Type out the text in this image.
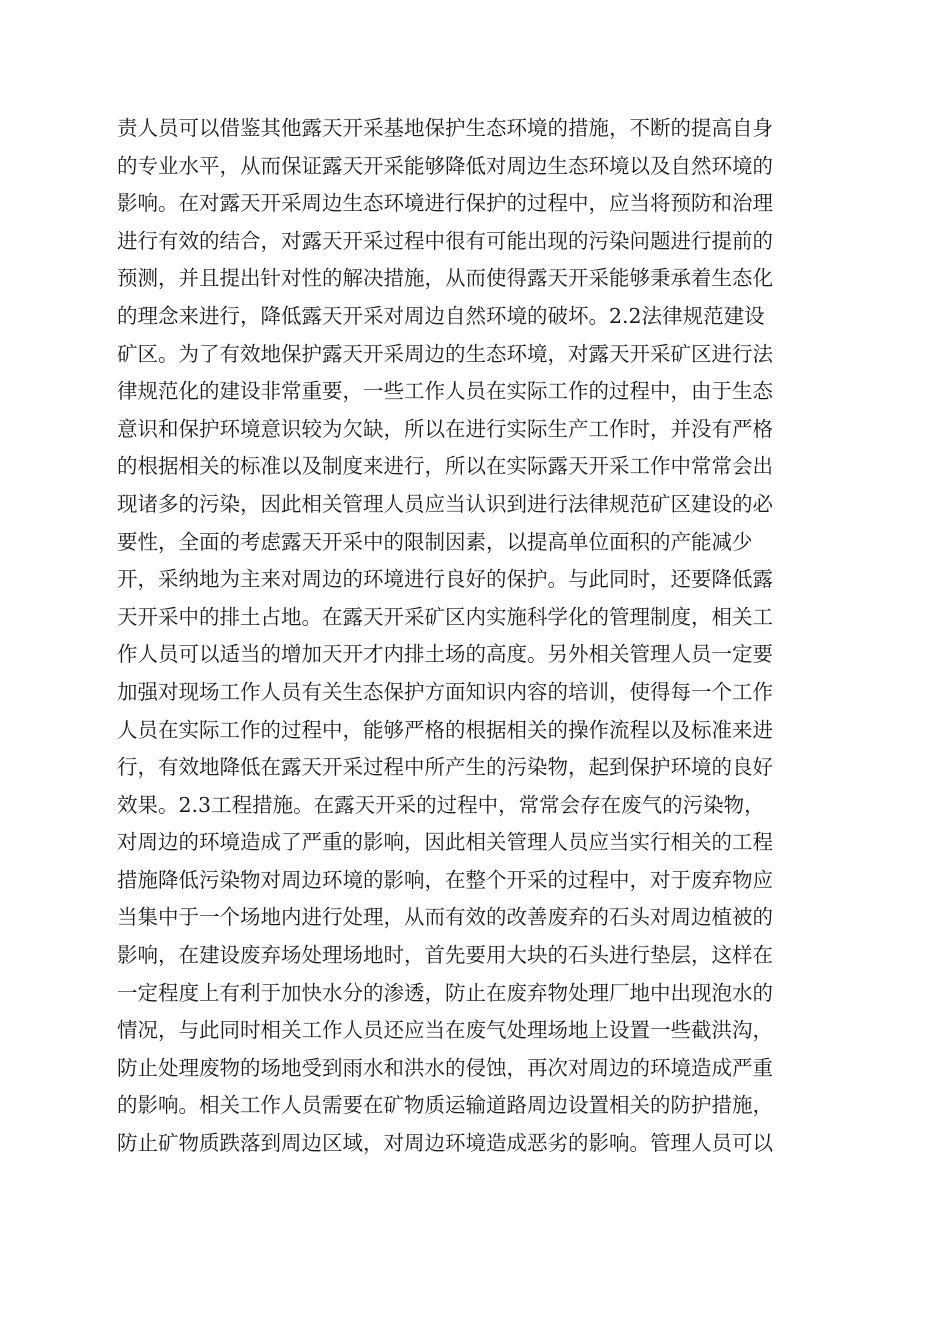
责人员可以借鉴其他露天开采基地保护生态环境的措施，不断的提高自身
的专业水平，从而保证露天开采能够降低对周边生态环境以及自然环境的
影响。在对露天开采周边生态环境进行保护的过程中，应当将预防和治理
进行有效的结合，对露天开采过程中很有可能出现的污染问题进行提前的
预测，并且提出针对性的解决措施，从而使得露天开采能够秉承着生态化
的理念来进行，降低露天开采对周边自然环境的破坏。2.2法律规范建设
矿区。为了有效地保护露天开采周边的生态环境，对露天开采矿区进行法
律规范化的建设非常重要，一些工作人员在实际工作的过程中，由于生态
意识和保护环境意识较为欠缺，所以在进行实际生产工作时，并没有严格
的根据相关的标准以及制度来进行，所以在实际露天开采工作中常常会出
现诸多的污染，因此相关管理人员应当认识到进行法律规范矿区建设的必
要性，全面的考虑露天开采中的限制因素，以提高单位面积的产能减少
开，采纳地为主来对周边的环境进行良好的保护。与此同时，还要降低露
天开采中的排土占地。在露天开采矿区内实施科学化的管理制度，相关工
作人员可以适当的增加天开才内排土场的高度。另外相关管理人员一定要
加强对现场工作人员有关生态保护方面知识内容的培训，使得每一个工作
人员在实际工作的过程中，能够严格的根据相关的操作流程以及标准来进
行，有效地降低在露天开采过程中所产生的污染物，起到保护环境的良好
效果。2.3工程措施。在露天开采的过程中，常常会存在废气的污染物，
对周边的环境造成了严重的影响，因此相关管理人员应当实行相关的工程
措施降低污染物对周边环境的影响，在整个开采的过程中，对于废弃物应
当集中于一个场地内进行处理，从而有效的改善废弃的石头对周边植被的
影响，在建设废弃场处理场地时，首先要用大块的石头进行垫层，这样在
一定程度上有利于加快水分的渗透，防止在废弃物处理厂地中出现泡水的
情况，与此同时相关工作人员还应当在废气处理场地上设置一些截洪沟，
防止处理废物的场地受到雨水和洪水的侵蚀，再次对周边的环境造成严重
的影响。相关工作人员需要在矿物质运输道路周边设置相关的防护措施，
防止矿物质跌落到周边区域，对周边环境造成恶劣的影响。管理人员可以
